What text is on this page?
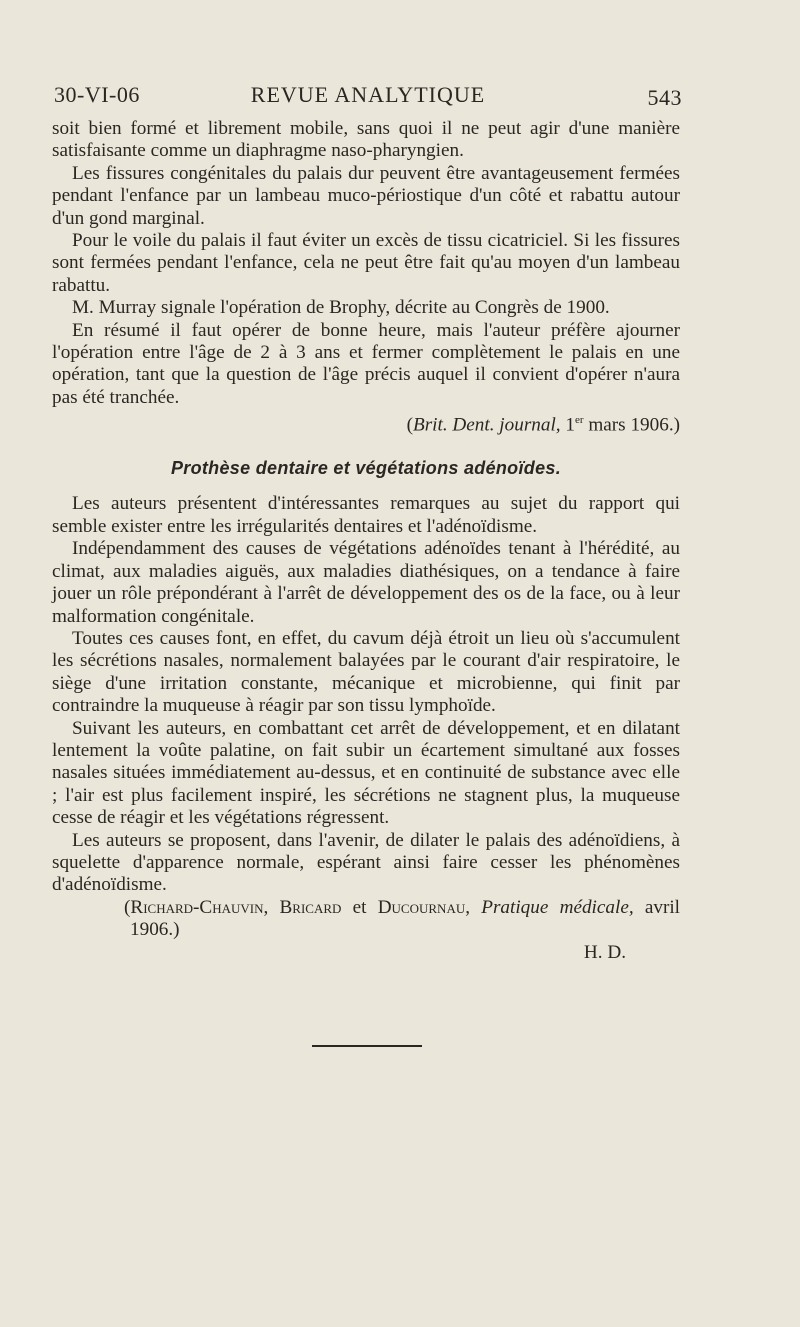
30-VI-06	REVUE ANALYTIQUE	543

soit bien formé et librement mobile, sans quoi il ne peut agir d'une manière satisfaisante comme un diaphragme naso-pharyngien.

Les fissures congénitales du palais dur peuvent être avantageusement fermées pendant l'enfance par un lambeau muco-périostique d'un côté et rabattu autour d'un gond marginal.

Pour le voile du palais il faut éviter un excès de tissu cicatriciel. Si les fissures sont fermées pendant l'enfance, cela ne peut être fait qu'au moyen d'un lambeau rabattu.

M. Murray signale l'opération de Brophy, décrite au Congrès de 1900.

En résumé il faut opérer de bonne heure, mais l'auteur préfère ajourner l'opération entre l'âge de 2 à 3 ans et fermer complètement le palais en une opération, tant que la question de l'âge précis auquel il convient d'opérer n'aura pas été tranchée.

(Brit. Dent. journal, 1er mars 1906.)

Prothèse dentaire et végétations adénoïdes.

Les auteurs présentent d'intéressantes remarques au sujet du rapport qui semble exister entre les irrégularités dentaires et l'adénoïdisme.

Indépendamment des causes de végétations adénoïdes tenant à l'hérédité, au climat, aux maladies aiguës, aux maladies diathésiques, on a tendance à faire jouer un rôle prépondérant à l'arrêt de développement des os de la face, ou à leur malformation congénitale.

Toutes ces causes font, en effet, du cavum déjà étroit un lieu où s'accumulent les sécrétions nasales, normalement balayées par le courant d'air respiratoire, le siège d'une irritation constante, mécanique et microbienne, qui finit par contraindre la muqueuse à réagir par son tissu lymphoïde.

Suivant les auteurs, en combattant cet arrêt de développement, et en dilatant lentement la voûte palatine, on fait subir un écartement simultané aux fosses nasales situées immédiatement au-dessus, et en continuité de substance avec elle ; l'air est plus facilement inspiré, les sécrétions ne stagnent plus, la muqueuse cesse de réagir et les végétations régressent.

Les auteurs se proposent, dans l'avenir, de dilater le palais des adénoïdiens, à squelette d'apparence normale, espérant ainsi faire cesser les phénomènes d'adénoïdisme.

(Richard-Chauvin, Bricard et Ducournau, Pratique médicale, avril 1906.)

H. D.
